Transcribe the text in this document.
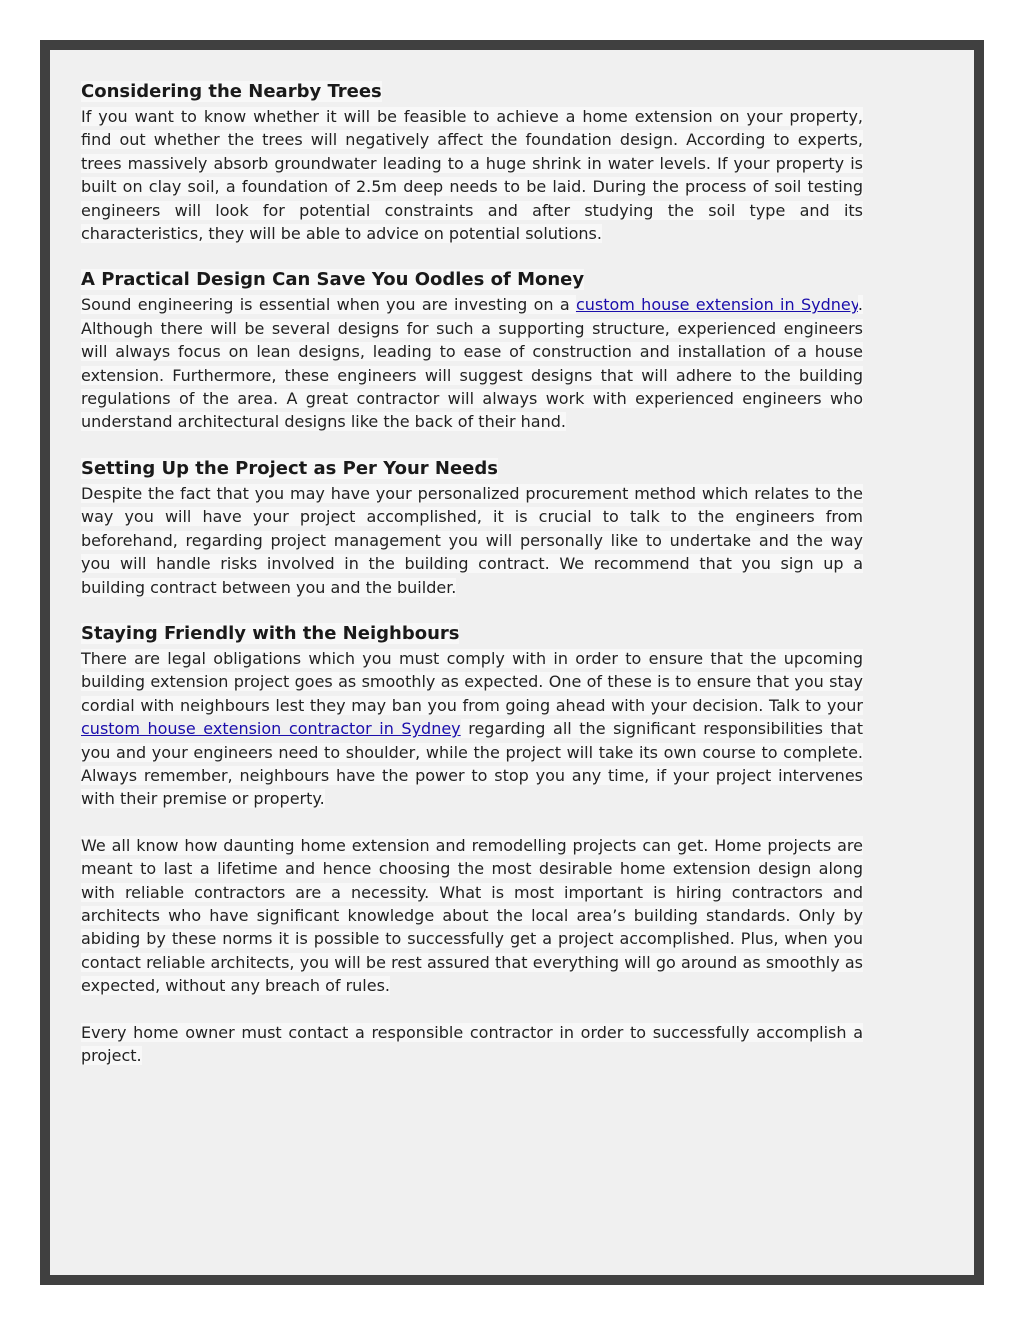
Considering the Nearby Trees

If you want to know whether it will be feasible to achieve a home extension on your property, find out whether the trees will negatively affect the foundation design. According to experts, trees massively absorb groundwater leading to a huge shrink in water levels. If your property is built on clay soil, a foundation of 2.5m deep needs to be laid. During the process of soil testing engineers will look for potential constraints and after studying the soil type and its characteristics, they will be able to advice on potential solutions.

A Practical Design Can Save You Oodles of Money

Sound engineering is essential when you are investing on a custom house extension in Sydney. Although there will be several designs for such a supporting structure, experienced engineers will always focus on lean designs, leading to ease of construction and installation of a house extension. Furthermore, these engineers will suggest designs that will adhere to the building regulations of the area. A great contractor will always work with experienced engineers who understand architectural designs like the back of their hand.

Setting Up the Project as Per Your Needs

Despite the fact that you may have your personalized procurement method which relates to the way you will have your project accomplished, it is crucial to talk to the engineers from beforehand, regarding project management you will personally like to undertake and the way you will handle risks involved in the building contract. We recommend that you sign up a building contract between you and the builder.

Staying Friendly with the Neighbours

There are legal obligations which you must comply with in order to ensure that the upcoming building extension project goes as smoothly as expected. One of these is to ensure that you stay cordial with neighbours lest they may ban you from going ahead with your decision. Talk to your custom house extension contractor in Sydney regarding all the significant responsibilities that you and your engineers need to shoulder, while the project will take its own course to complete. Always remember, neighbours have the power to stop you any time, if your project intervenes with their premise or property.

We all know how daunting home extension and remodelling projects can get. Home projects are meant to last a lifetime and hence choosing the most desirable home extension design along with reliable contractors are a necessity. What is most important is hiring contractors and architects who have significant knowledge about the local area’s building standards. Only by abiding by these norms it is possible to successfully get a project accomplished. Plus, when you contact reliable architects, you will be rest assured that everything will go around as smoothly as expected, without any breach of rules.

Every home owner must contact a responsible contractor in order to successfully accomplish a project.
